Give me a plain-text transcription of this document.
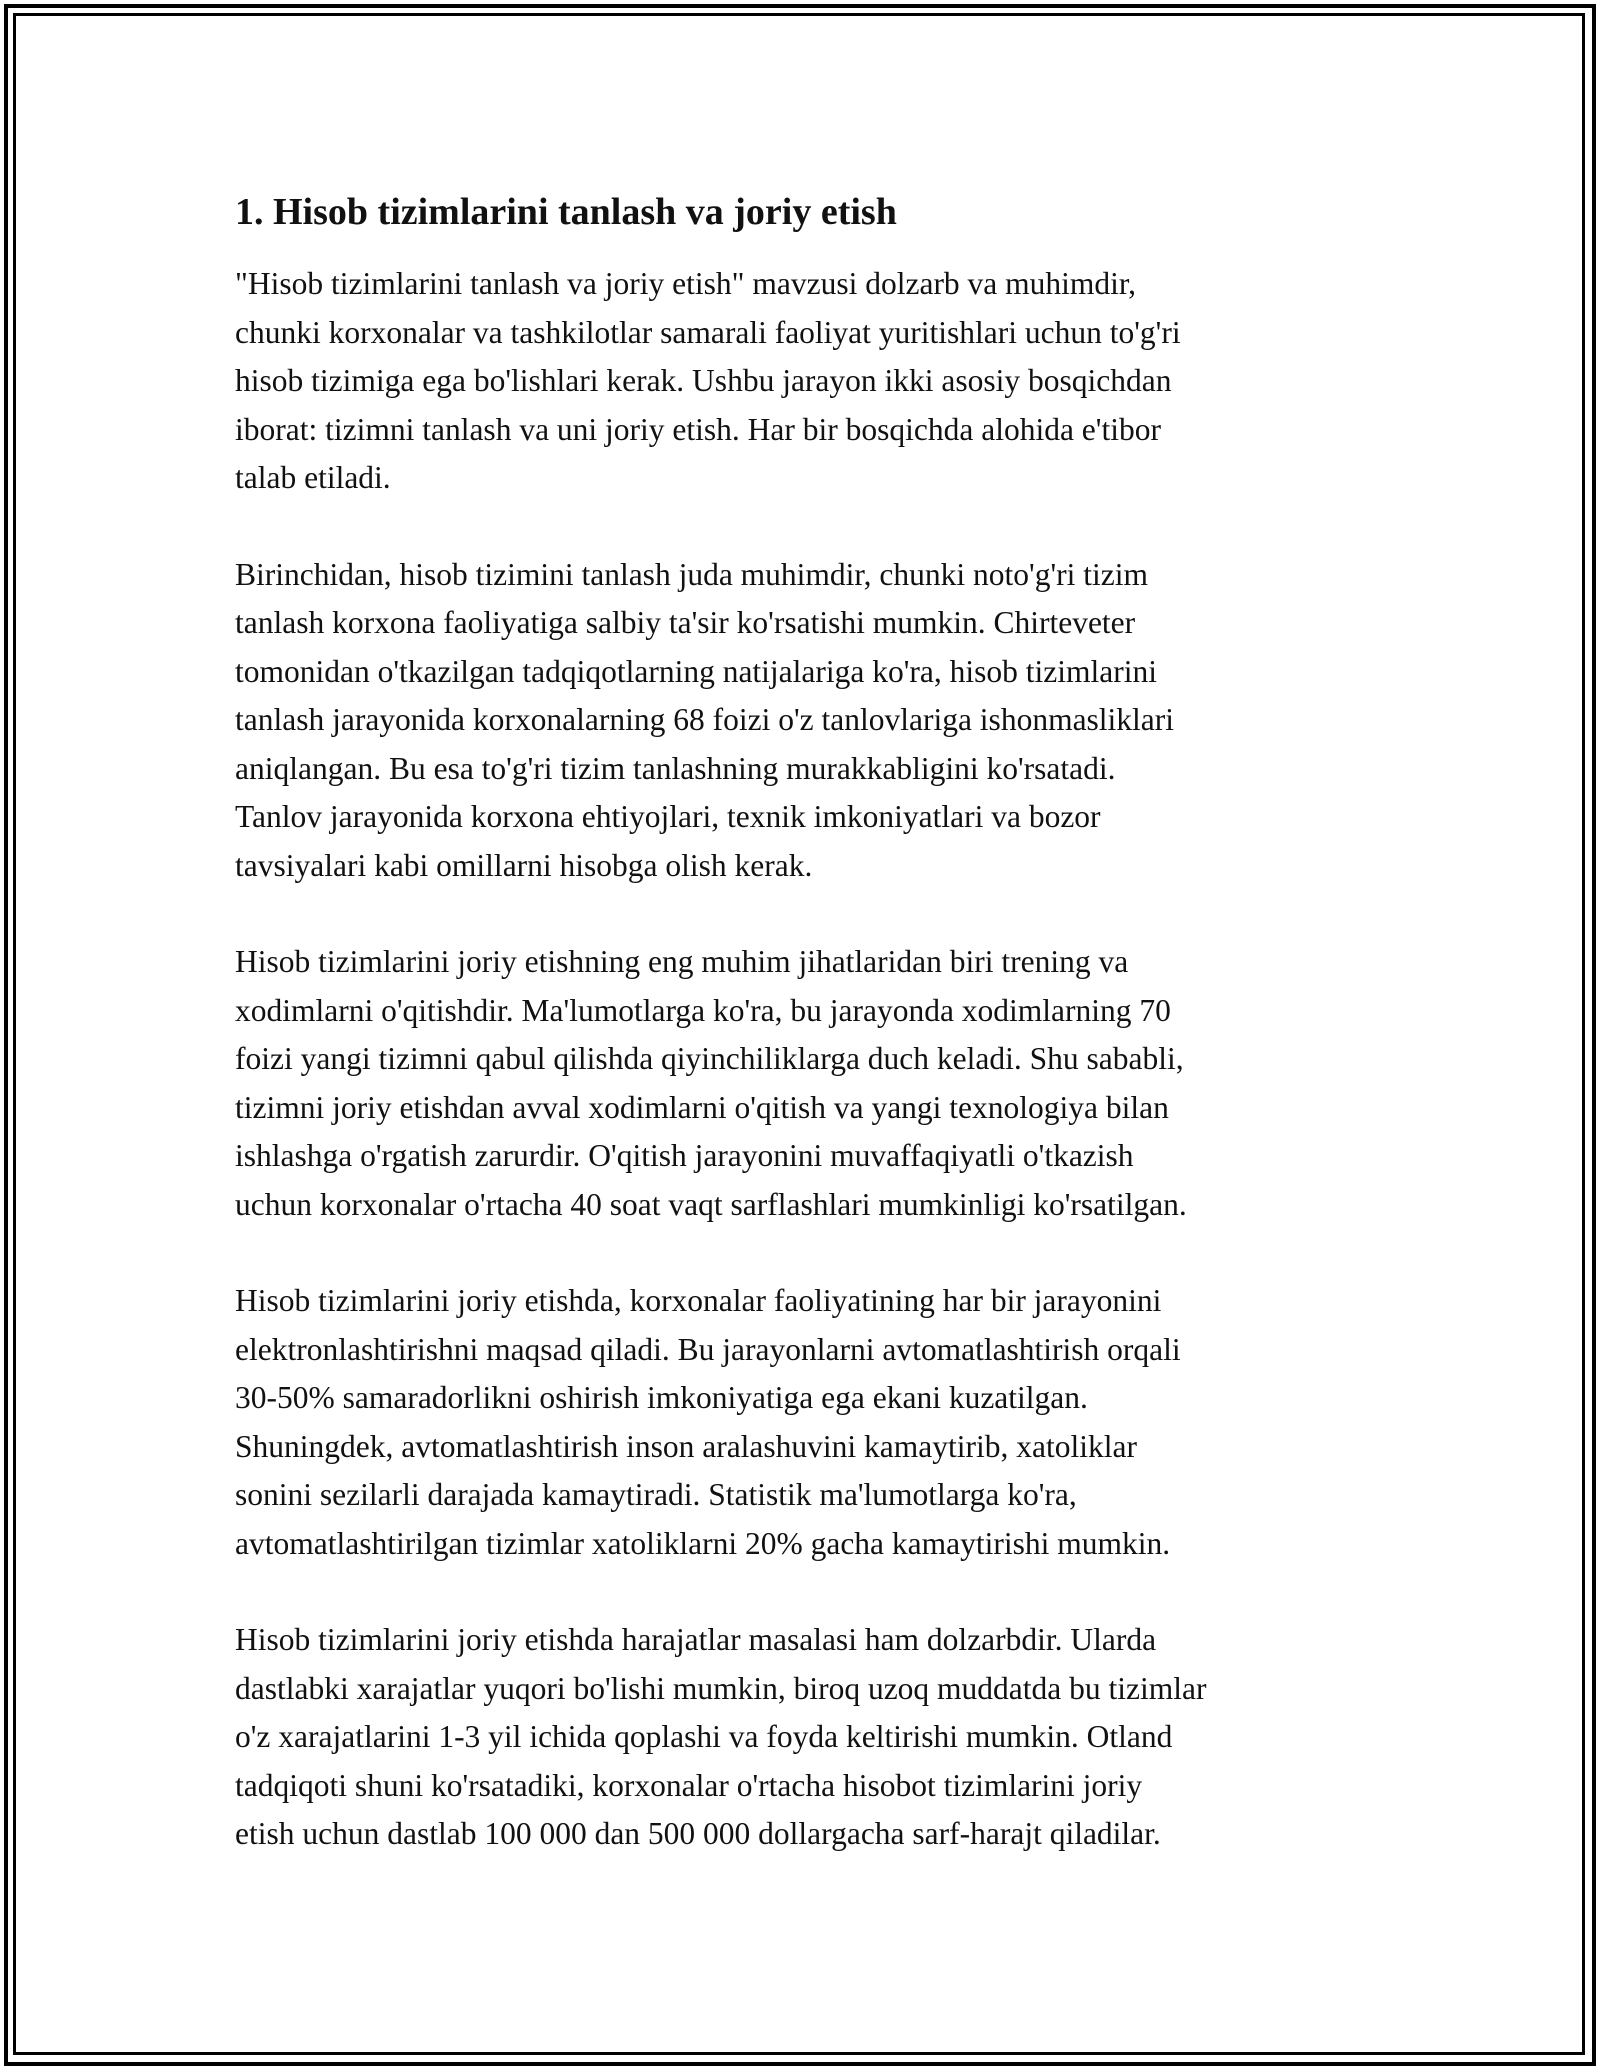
1. Hisob tizimlarini tanlash va joriy etish
"Hisob tizimlarini tanlash va joriy etish" mavzusi dolzarb va muhimdir,
chunki korxonalar va tashkilotlar samarali faoliyat yuritishlari uchun to'g'ri
hisob tizimiga ega bo'lishlari kerak. Ushbu jarayon ikki asosiy bosqichdan
iborat: tizimni tanlash va uni joriy etish. Har bir bosqichda alohida e'tibor
talab etiladi.
Birinchidan, hisob tizimini tanlash juda muhimdir, chunki noto'g'ri tizim
tanlash korxona faoliyatiga salbiy ta'sir ko'rsatishi mumkin. Chirteveter
tomonidan o'tkazilgan tadqiqotlarning natijalariga ko'ra, hisob tizimlarini
tanlash jarayonida korxonalarning 68 foizi o'z tanlovlariga ishonmasliklari
aniqlangan. Bu esa to'g'ri tizim tanlashning murakkabligini ko'rsatadi.
Tanlov jarayonida korxona ehtiyojlari, texnik imkoniyatlari va bozor
tavsiyalari kabi omillarni hisobga olish kerak.
Hisob tizimlarini joriy etishning eng muhim jihatlaridan biri trening va
xodimlarni o'qitishdir. Ma'lumotlarga ko'ra, bu jarayonda xodimlarning 70
foizi yangi tizimni qabul qilishda qiyinchiliklarga duch keladi. Shu sababli,
tizimni joriy etishdan avval xodimlarni o'qitish va yangi texnologiya bilan
ishlashga o'rgatish zarurdir. O'qitish jarayonini muvaffaqiyatli o'tkazish
uchun korxonalar o'rtacha 40 soat vaqt sarflashlari mumkinligi ko'rsatilgan.
Hisob tizimlarini joriy etishda, korxonalar faoliyatining har bir jarayonini
elektronlashtirishni maqsad qiladi. Bu jarayonlarni avtomatlashtirish orqali
30-50% samaradorlikni oshirish imkoniyatiga ega ekani kuzatilgan.
Shuningdek, avtomatlashtirish inson aralashuvini kamaytirib, xatoliklar
sonini sezilarli darajada kamaytiradi. Statistik ma'lumotlarga ko'ra,
avtomatlashtirilgan tizimlar xatoliklarni 20% gacha kamaytirishi mumkin.
Hisob tizimlarini joriy etishda harajatlar masalasi ham dolzarbdir. Ularda
dastlabki xarajatlar yuqori bo'lishi mumkin, biroq uzoq muddatda bu tizimlar
o'z xarajatlarini 1-3 yil ichida qoplashi va foyda keltirishi mumkin. Otland
tadqiqoti shuni ko'rsatadiki, korxonalar o'rtacha hisobot tizimlarini joriy
etish uchun dastlab 100 000 dan 500 000 dollargacha sarf-harajt qiladilar.
